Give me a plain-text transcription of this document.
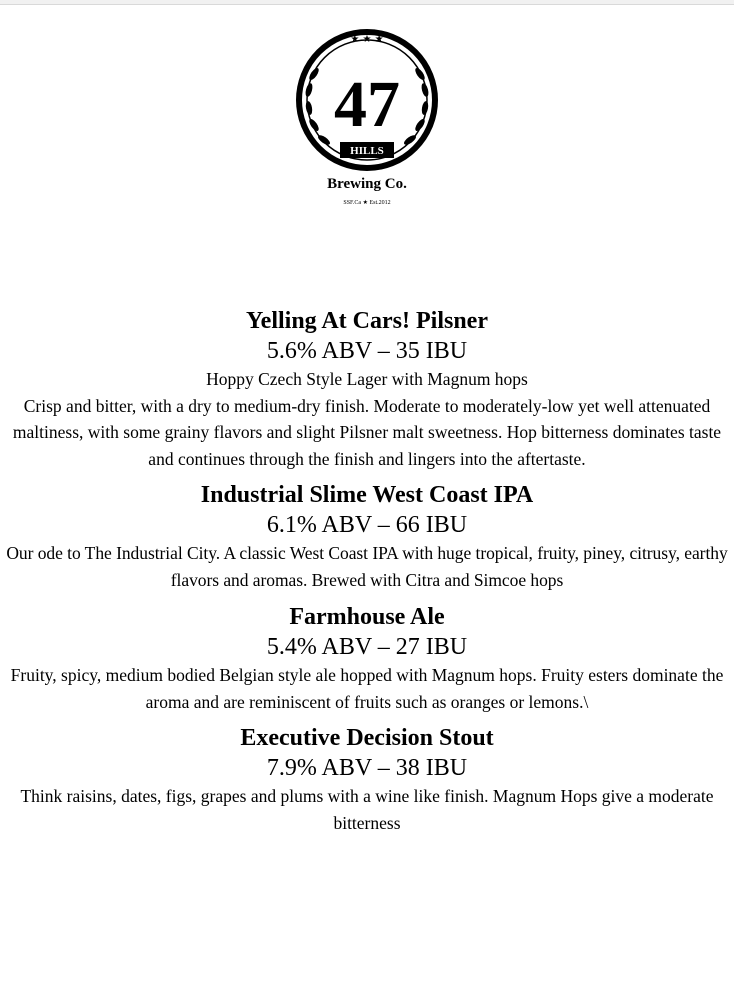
★ ★ ★
47
HILLS
Brewing Co.
SSF.Ca ★ Est.2012

Yelling At Cars! Pilsner

5.6% ABV – 35 IBU

Hoppy Czech Style Lager with Magnum hops

Crisp and bitter, with a dry to medium-dry finish. Moderate to moderately-low yet well attenuated maltiness, with some grainy flavors and slight Pilsner malt sweetness. Hop bitterness dominates taste and continues through the finish and lingers into the aftertaste.

Industrial Slime West Coast IPA

6.1% ABV – 66 IBU

Our ode to The Industrial City. A classic West Coast IPA with huge tropical, fruity, piney, citrusy, earthy flavors and aromas. Brewed with Citra and Simcoe hops

Farmhouse Ale

5.4% ABV – 27 IBU

Fruity, spicy, medium bodied Belgian style ale hopped with Magnum hops. Fruity esters dominate the aroma and are reminiscent of fruits such as oranges or lemons.\

Executive Decision Stout

7.9% ABV – 38 IBU

Think raisins, dates, figs, grapes and plums with a wine like finish. Magnum Hops give a moderate bitterness
